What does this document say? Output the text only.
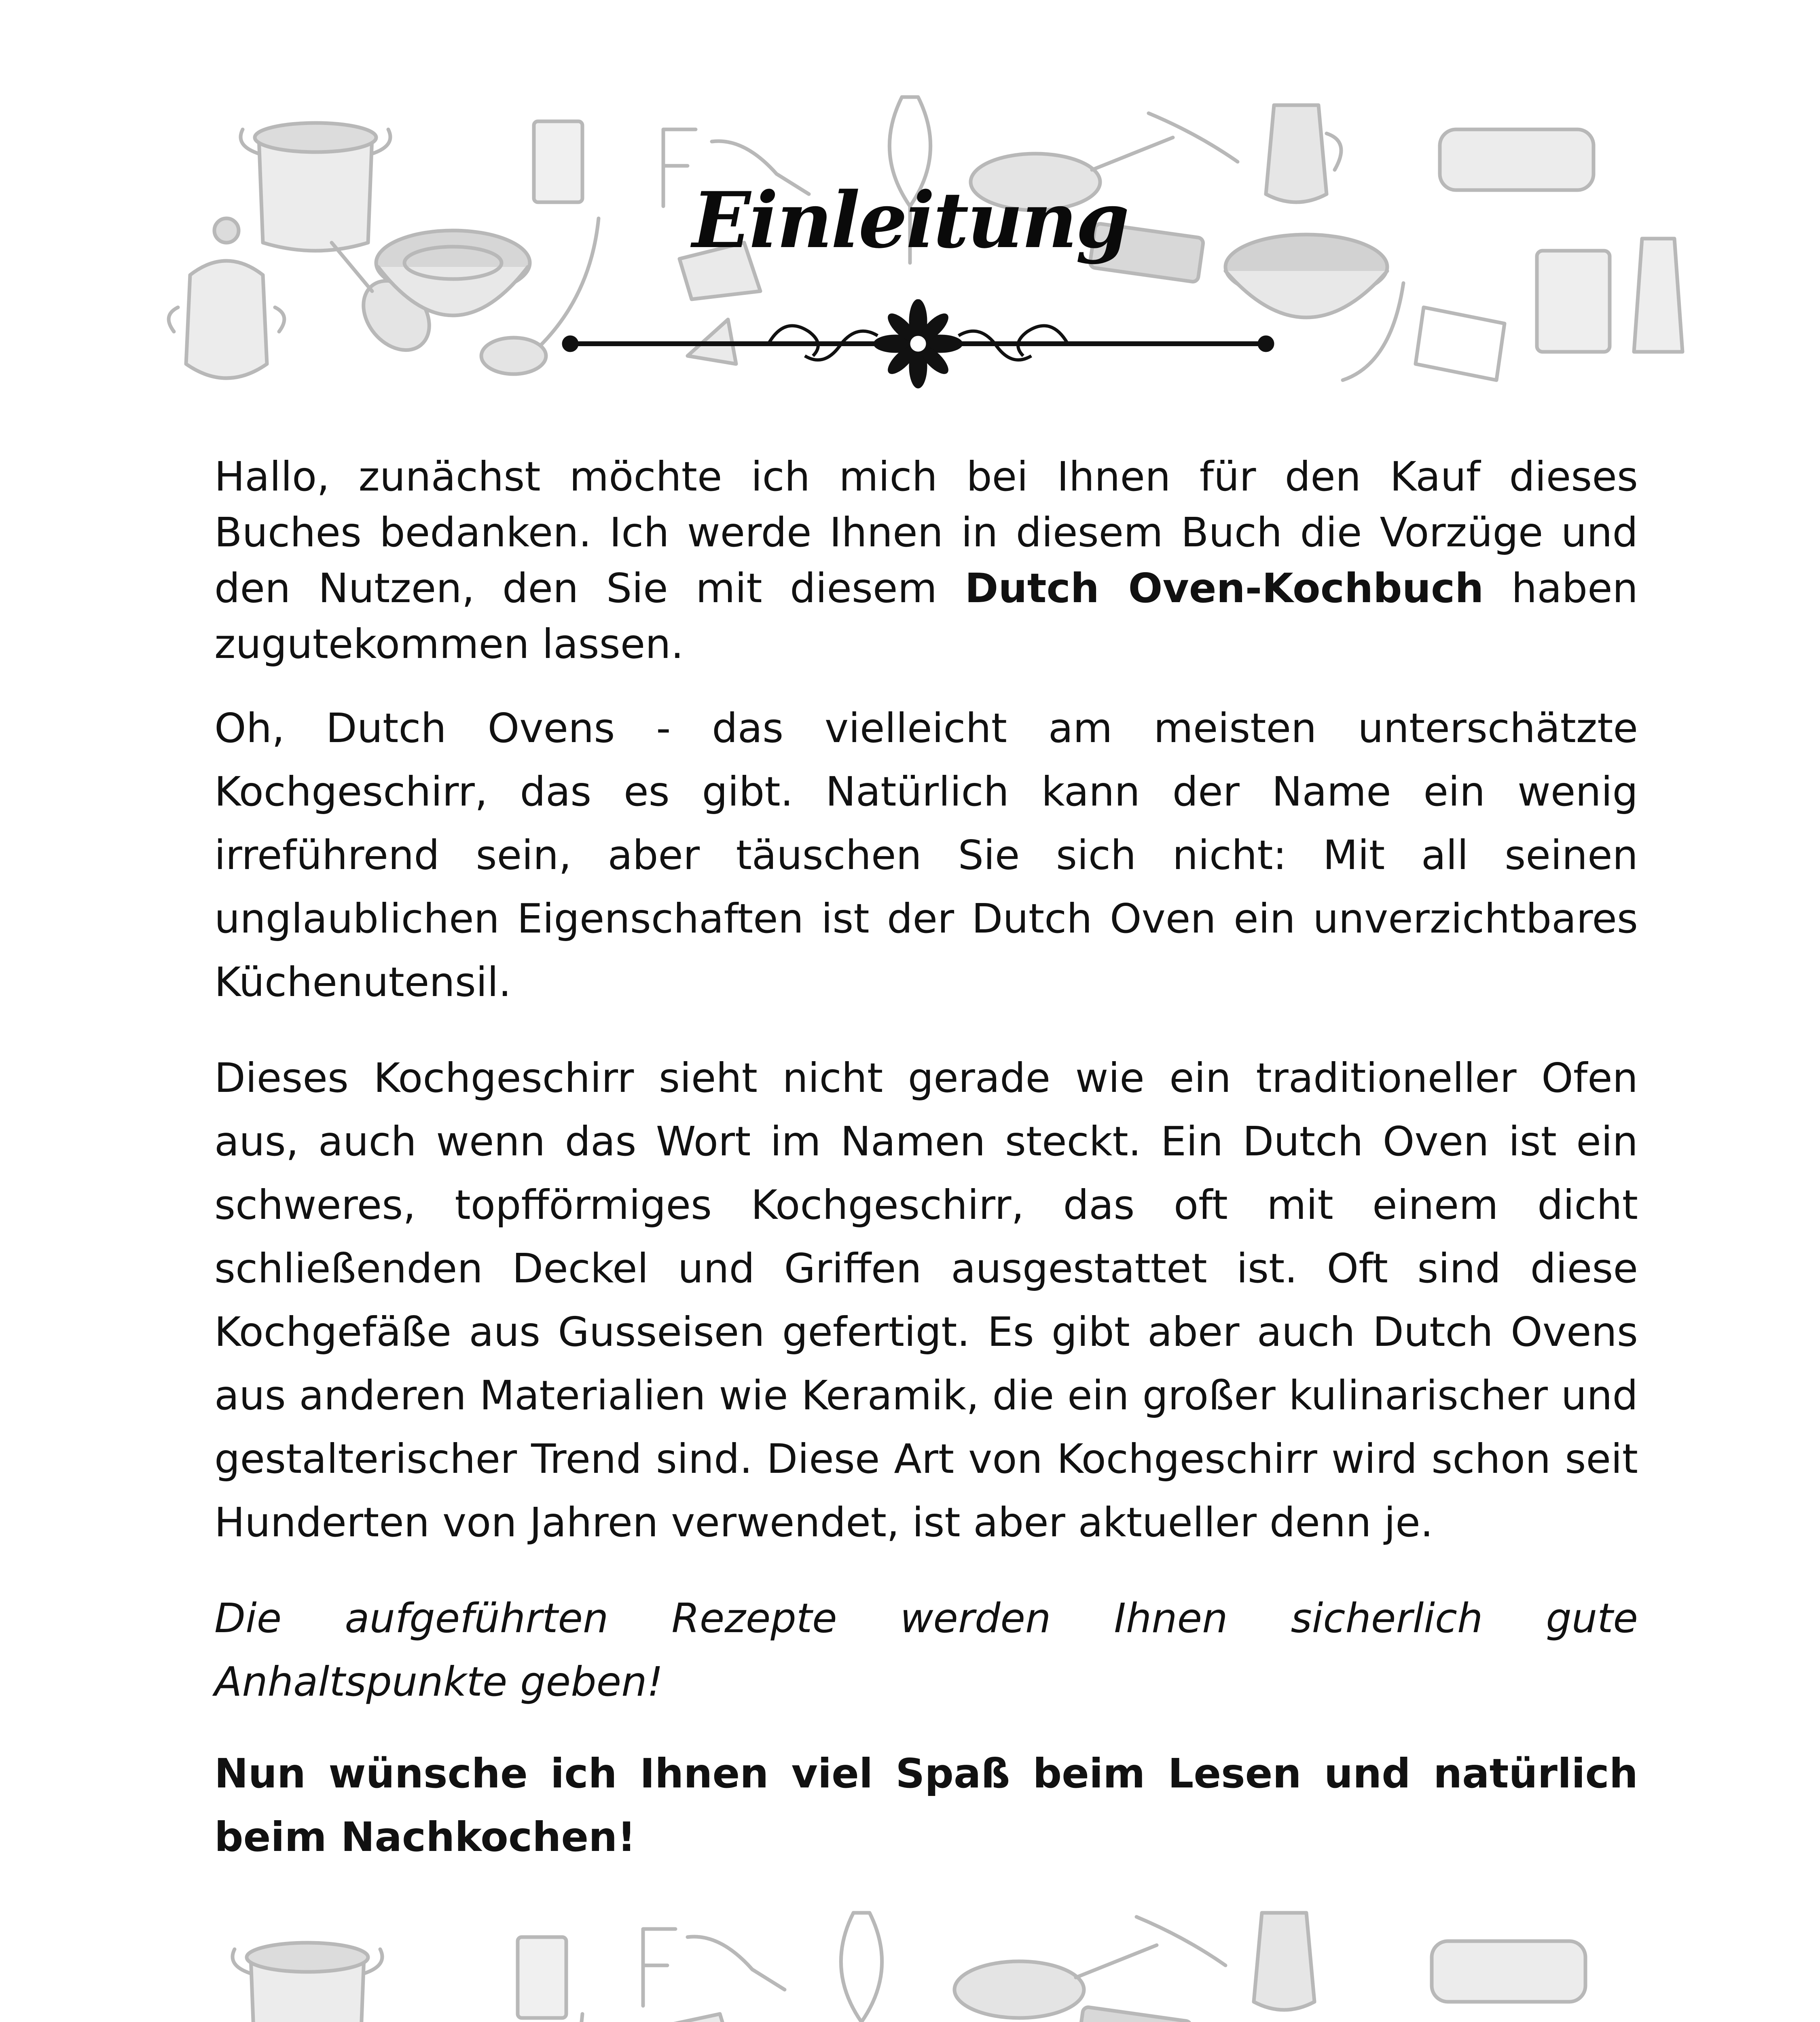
Einleitung

Hallo, zunächst möchte ich mich bei Ihnen für den Kauf dieses Buches bedanken. Ich werde Ihnen in diesem Buch die Vorzüge und den Nutzen, den Sie mit diesem Dutch Oven-Kochbuch haben zugutekommen lassen.

Oh, Dutch Ovens - das vielleicht am meisten unterschätzte Kochgeschirr, das es gibt. Natürlich kann der Name ein wenig irreführend sein, aber täuschen Sie sich nicht: Mit all seinen unglaublichen Eigenschaften ist der Dutch Oven ein unverzichtbares Küchenutensil.

Dieses Kochgeschirr sieht nicht gerade wie ein traditioneller Ofen aus, auch wenn das Wort im Namen steckt. Ein Dutch Oven ist ein schweres, topfförmiges Kochgeschirr, das oft mit einem dicht schließenden Deckel und Griffen ausgestattet ist. Oft sind diese Kochgefäße aus Gusseisen gefertigt. Es gibt aber auch Dutch Ovens aus anderen Materialien wie Keramik, die ein großer kulinarischer und gestalterischer Trend sind. Diese Art von Kochgeschirr wird schon seit Hunderten von Jahren verwendet, ist aber aktueller denn je.

Die aufgeführten Rezepte werden Ihnen sicherlich gute Anhaltspunkte geben!

Nun wünsche ich Ihnen viel Spaß beim Lesen und natürlich beim Nachkochen!
